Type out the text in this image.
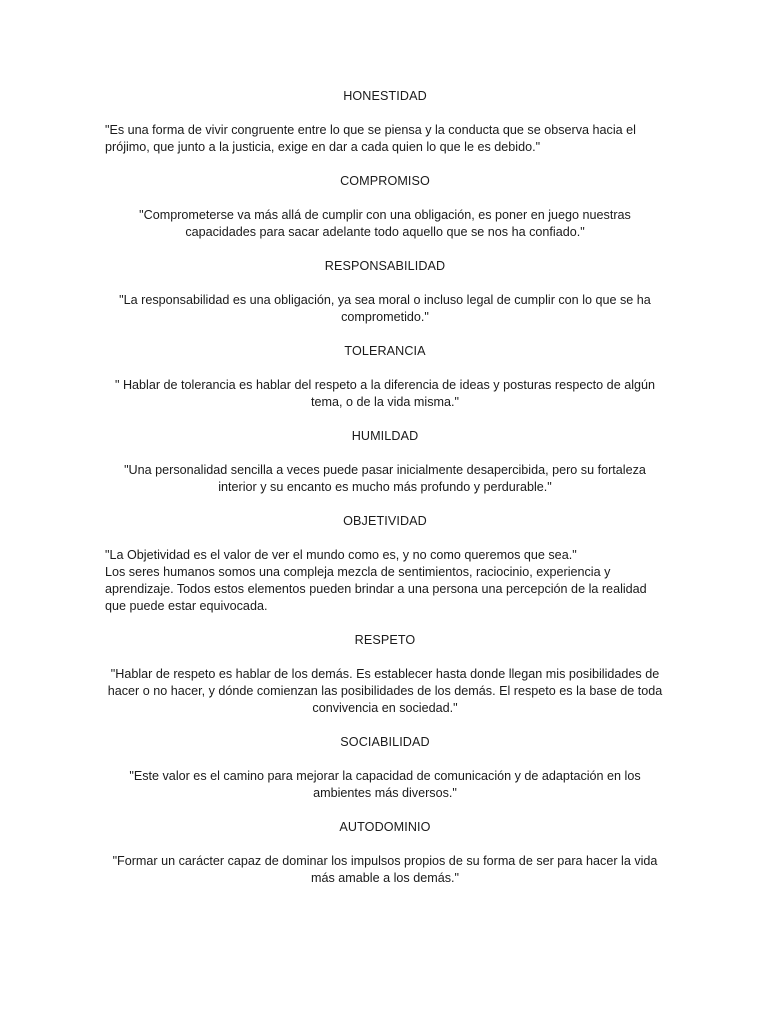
HONESTIDAD
"Es una forma de vivir congruente entre lo que se piensa y la conducta que se observa hacia el
prójimo, que junto a la justicia, exige en dar a cada quien lo que le es debido."
COMPROMISO
"Comprometerse va más allá de cumplir con una obligación, es poner en juego nuestras
capacidades para sacar adelante todo aquello que se nos ha confiado."
RESPONSABILIDAD
"La responsabilidad es una obligación, ya sea moral o incluso legal de cumplir con lo que se ha
comprometido."
TOLERANCIA
" Hablar de tolerancia es hablar del respeto a la diferencia de ideas y posturas respecto de algún
tema, o de la vida misma."
HUMILDAD
"Una personalidad sencilla a veces puede pasar inicialmente desapercibida, pero su fortaleza
interior y su encanto es mucho más profundo y perdurable."
OBJETIVIDAD
"La Objetividad es el valor de ver el mundo como es, y no como queremos que sea."
Los seres humanos somos una compleja mezcla de sentimientos, raciocinio, experiencia y
aprendizaje. Todos estos elementos pueden brindar a una persona una percepción de la realidad
que puede estar equivocada.
RESPETO
"Hablar de respeto es hablar de los demás. Es establecer hasta donde llegan mis posibilidades de
hacer o no hacer, y dónde comienzan las posibilidades de los demás. El respeto es la base de toda
convivencia en sociedad."
SOCIABILIDAD
"Este valor es el camino para mejorar la capacidad de comunicación y de adaptación en los
ambientes más diversos."
AUTODOMINIO
"Formar un carácter capaz de dominar los impulsos propios de su forma de ser para hacer la vida
más amable a los demás."
